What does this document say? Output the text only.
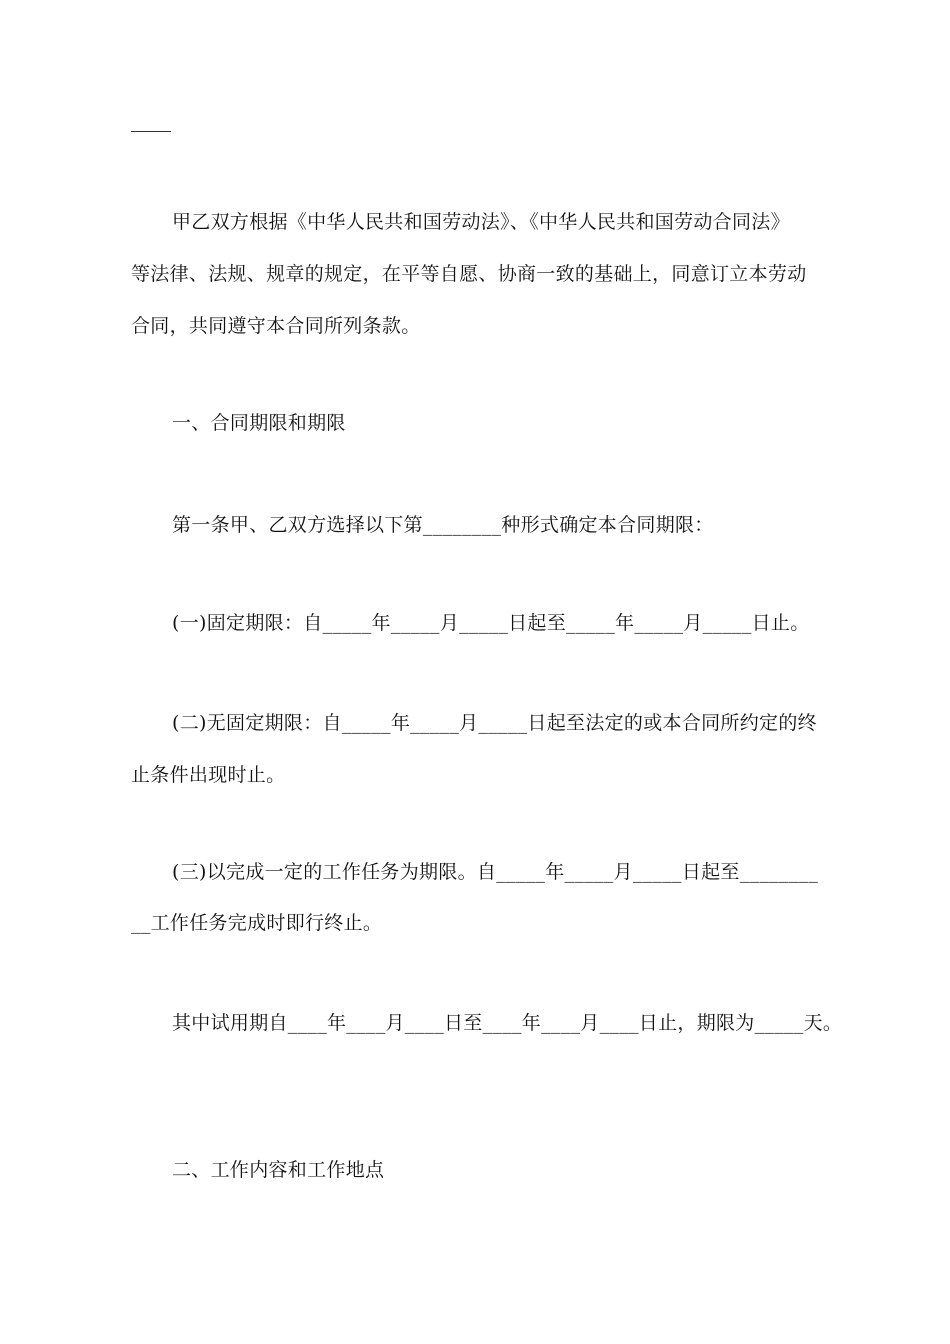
甲乙双方根据《中华人民共和国劳动法》、《中华人民共和国劳动合同法》
等法律、法规、规章的规定，在平等自愿、协商一致的基础上，同意订立本劳动
合同，共同遵守本合同所列条款。
一、合同期限和期限
第一条甲、乙双方选择以下第________种形式确定本合同期限：
(一)固定期限：自_____年_____月_____日起至_____年_____月_____日止。
(二)无固定期限：自_____年_____月_____日起至法定的或本合同所约定的终
止条件出现时止。
(三)以完成一定的工作任务为期限。自_____年_____月_____日起至________
__工作任务完成时即行终止。
其中试用期自____年____月____日至____年____月____日止，期限为_____天。
二、工作内容和工作地点
